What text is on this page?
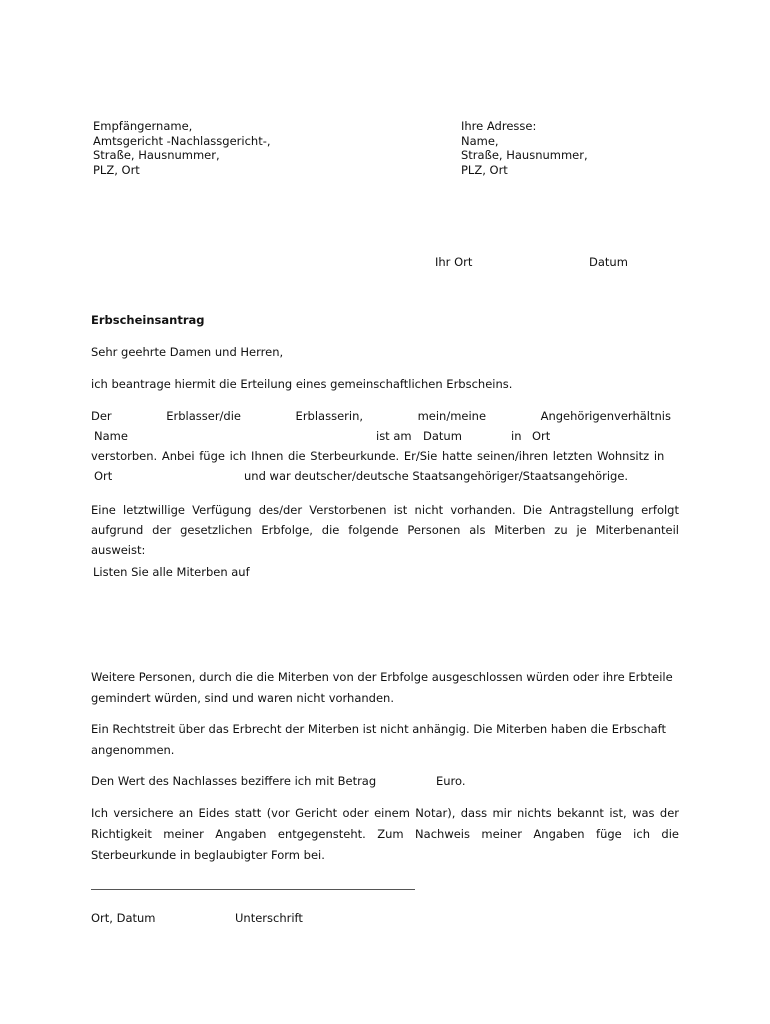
Empfängername,
Amtsgericht -Nachlassgericht-,
Straße, Hausnummer,
PLZ, Ort
Ihre Adresse:
Name,
Straße, Hausnummer,
PLZ, Ort
Ihr Ort	Datum
Erbscheinsantrag
Sehr geehrte Damen und Herren,
ich beantrage hiermit die Erteilung eines gemeinschaftlichen Erbscheins.
Der	Erblasser/die	Erblasserin,	mein/meine	Angehörigenverhältnis
Name	ist am Datum	in Ort
verstorben. Anbei füge ich Ihnen die Sterbeurkunde. Er/Sie hatte seinen/ihren letzten Wohnsitz in
Ort	und war deutscher/deutsche Staatsangehöriger/Staatsangehörige.
Eine letztwillige Verfügung des/der Verstorbenen ist nicht vorhanden. Die Antragstellung erfolgt aufgrund der gesetzlichen Erbfolge, die folgende Personen als Miterben zu je Miterbenanteil ausweist:
Listen Sie alle Miterben auf
Weitere Personen, durch die die Miterben von der Erbfolge ausgeschlossen würden oder ihre Erbteile gemindert würden, sind und waren nicht vorhanden.
Ein Rechtstreit über das Erbrecht der Miterben ist nicht anhängig. Die Miterben haben die Erbschaft angenommen.
Den Wert des Nachlasses beziffere ich mit Betrag	Euro.
Ich versichere an Eides statt (vor Gericht oder einem Notar), dass mir nichts bekannt ist, was der Richtigkeit meiner Angaben entgegensteht. Zum Nachweis meiner Angaben füge ich die Sterbeurkunde in beglaubigter Form bei.
Ort, Datum	Unterschrift
